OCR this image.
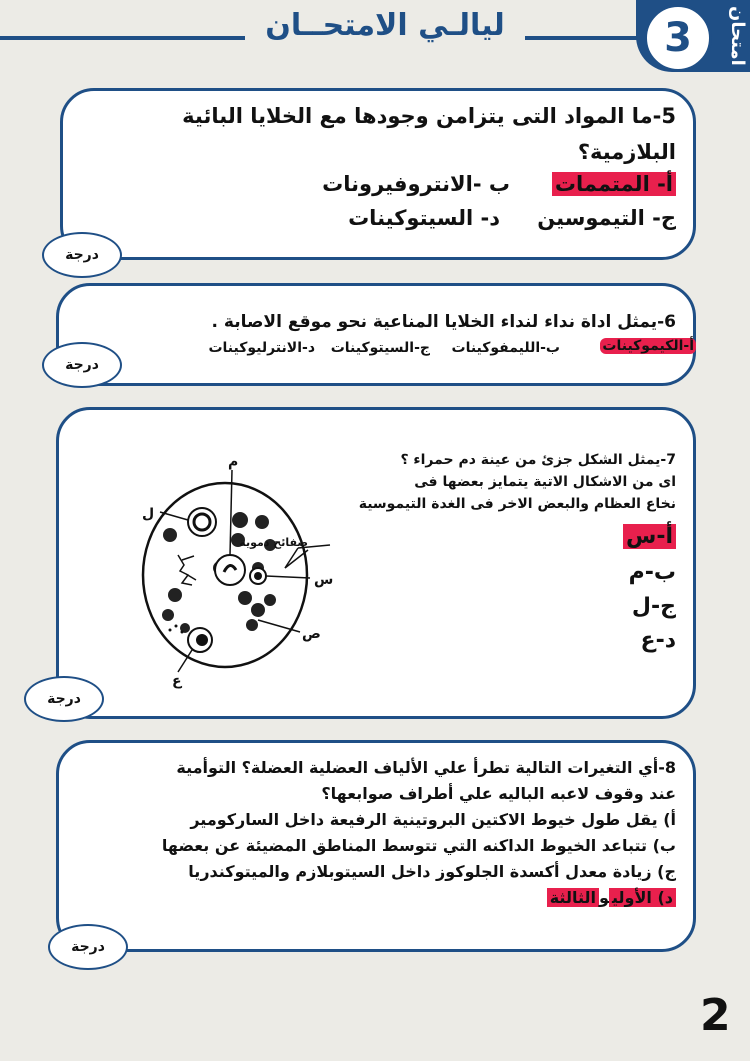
ليالـي الامتحــان	3	امتحان
5-ما المواد التى يتزامن وجودها مع الخلايا البائية
البلازمية؟
أ- المتممات
ب -الانتروفيرونات
ج- التيموسين
د- السيتوكينات
درجة
6-يمثل اداة نداء لنداء الخلايا المناعية نحو موقع الاصابة .
أ-الكيموكينات
ب-الليمفوكينات
ج-السيتوكينات
د-الانترليوكينات
درجة
7-يمثل الشكل جزئ من عينة دم حمراء ؟
اى من الاشكال الاتية يتمايز بعضها فى
نخاع العظام والبعض الاخر فى الغدة التيموسية
أ-س
ب-م
ج-ل
د-ع
م
ل
س
ص
ع
صفائح دموية
درجة
8-أي التغيرات التالية تطرأ علي الألياف العضلية العضلة؟ التوأمية
عند وقوف لاعبه الباليه علي أطراف صوابعها؟
أ) يقل طول خيوط الاكتين البروتينية الرفيعة داخل الساركومير
ب) تتباعد الخيوط الداكنه التي تتوسط المناطق المضيئة عن بعضها
ج) زيادة معدل أكسدة الجلوكوز داخل السيتوبلازم والميتوكندريا
د) الأوليوالثالثة
درجة
2
